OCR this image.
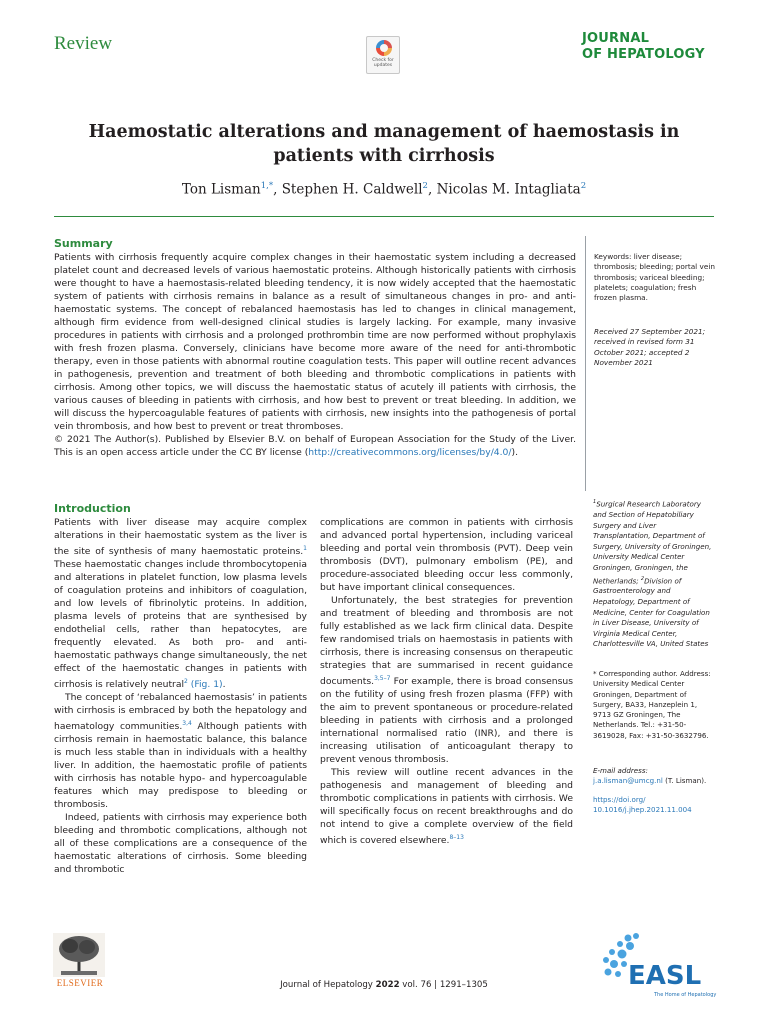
Review
Check for updates
JOURNAL
OF HEPATOLOGY
Haemostatic alterations and management of haemostasis in
patients with cirrhosis
Ton Lisman$^{1,*}$, Stephen H. Caldwell$^2$, Nicolas M. Intagliata$^2$
Summary

Patients with cirrhosis frequently acquire complex changes in their haemostatic system including a decreased platelet count and decreased levels of various haemostatic proteins. Although historically patients with cirrhosis were thought to have a haemostasis-related bleeding tendency, it is now widely accepted that the haemostatic system of patients with cirrhosis remains in balance as a result of simultaneous changes in pro- and anti-haemostatic systems. The concept of rebalanced haemostasis has led to changes in clinical management, although firm evidence from well-designed clinical studies is largely lacking. For example, many invasive procedures in patients with cirrhosis and a prolonged prothrombin time are now performed without prophylaxis with fresh frozen plasma. Conversely, clinicians have become more aware of the need for anti-thrombotic therapy, even in those patients with abnormal routine coagulation tests. This paper will outline recent advances in pathogenesis, prevention and treatment of both bleeding and thrombotic complications in patients with cirrhosis. Among other topics, we will discuss the haemostatic status of acutely ill patients with cirrhosis, the various causes of bleeding in patients with cirrhosis, and how best to prevent or treat bleeding. In addition, we will discuss the hypercoagulable features of patients with cirrhosis, new insights into the pathogenesis of portal vein thrombosis, and how best to prevent or treat thromboses.

© 2021 The Author(s). Published by Elsevier B.V. on behalf of European Association for the Study of the Liver. This is an open access article under the CC BY license (http://creativecommons.org/licenses/by/4.0/).

Keywords: liver disease; thrombosis; bleeding; portal vein thrombosis; variceal bleeding; platelets; coagulation; fresh frozen plasma.
Received 27 September 2021; received in revised form 31 October 2021; accepted 2 November 2021
Introduction

Patients with liver disease may acquire complex alterations in their haemostatic system as the liver is the site of synthesis of many haemostatic proteins.$^1$ These haemostatic changes include thrombocytopenia and alterations in platelet function, low plasma levels of coagulation proteins and inhibitors of coagulation, and low levels of fibrinolytic proteins. In addition, plasma levels of proteins that are synthesised by endothelial cells, rather than hepatocytes, are frequently elevated. As both pro- and anti-haemostatic pathways change simultaneously, the net effect of the haemostatic changes in patients with cirrhosis is relatively neutral$^2$ (Fig. 1).

The concept of ‘rebalanced haemostasis’ in patients with cirrhosis is embraced by both the hepatology and haematology communities.$^{3,4}$ Although patients with cirrhosis remain in haemostatic balance, this balance is much less stable than in individuals with a healthy liver. In addition, the haemostatic profile of patients with cirrhosis has notable hypo- and hypercoagulable features which may predispose to bleeding or thrombosis.

Indeed, patients with cirrhosis may experience both bleeding and thrombotic complications, although not all of these complications are a consequence of the haemostatic alterations of cirrhosis. Some bleeding and thrombotic

complications are common in patients with cirrhosis and advanced portal hypertension, including variceal bleeding and portal vein thrombosis (PVT). Deep vein thrombosis (DVT), pulmonary embolism (PE), and procedure-associated bleeding occur less commonly, but have important clinical consequences.

Unfortunately, the best strategies for prevention and treatment of bleeding and thrombosis are not fully established as we lack firm clinical data. Despite few randomised trials on haemostasis in patients with cirrhosis, there is increasing consensus on therapeutic strategies that are summarised in recent guidance documents.$^{3,5-7}$ For example, there is broad consensus on the futility of using fresh frozen plasma (FFP) with the aim to prevent spontaneous or procedure-related bleeding in patients with cirrhosis and a prolonged international normalised ratio (INR), and there is increasing utilisation of anticoagulant therapy to prevent venous thrombosis.

This review will outline recent advances in the pathogenesis and management of bleeding and thrombotic complications in patients with cirrhosis. We will specifically focus on recent breakthroughs and do not intend to give a complete overview of the field which is covered elsewhere.$^{8-13}$

$^1$Surgical Research Laboratory and Section of Hepatobiliary Surgery and Liver Transplantation, Department of Surgery, University of Groningen, University Medical Center Groningen, Groningen, the Netherlands; $^2$Division of Gastroenterology and Hepatology, Department of Medicine, Center for Coagulation in Liver Disease, University of Virginia Medical Center, Charlottesville VA, United States
* Corresponding author. Address: University Medical Center Groningen, Department of Surgery, BA33, Hanzeplein 1, 9713 GZ Groningen, The Netherlands. Tel.: +31-50-3619028, Fax: +31-50-3632796.
E-mail address: j.a.lisman@umcg.nl (T. Lisman).
https://doi.org/
10.1016/j.jhep.2021.11.004
ELSEVIER	Journal of Hepatology 2022 vol. 76 | 1291–1305	EASL
The Home of Hepatology
